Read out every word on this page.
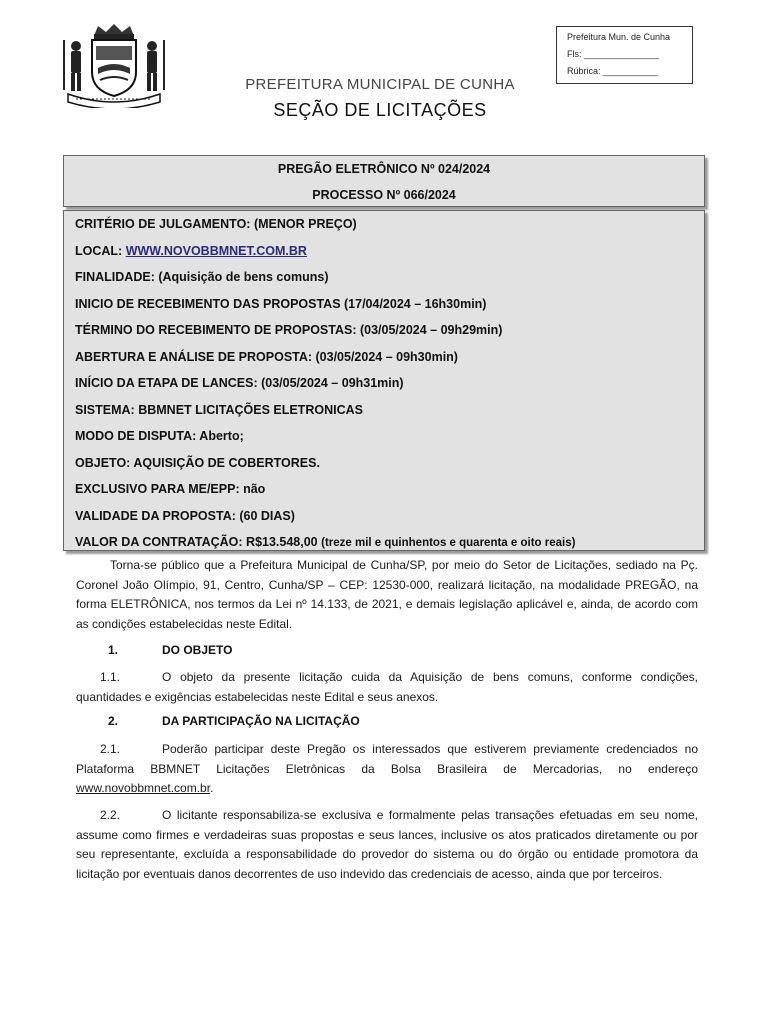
Prefeitura Mun. de Cunha
Fls: _______________
Rúbrica: ___________
PREFEITURA MUNICIPAL DE CUNHA
SEÇÃO DE LICITAÇÕES
PREGÃO ELETRÔNICO Nº 024/2024
PROCESSO Nº 066/2024
CRITÉRIO DE JULGAMENTO: (MENOR PREÇO)
LOCAL: WWW.NOVOBBMNET.COM.BR
FINALIDADE: (Aquisição de bens comuns)
INICIO DE RECEBIMENTO DAS PROPOSTAS (17/04/2024 – 16h30min)
TÉRMINO DO RECEBIMENTO DE PROPOSTAS: (03/05/2024 – 09h29min)
ABERTURA E ANÁLISE DE PROPOSTA: (03/05/2024 – 09h30min)
INÍCIO DA ETAPA DE LANCES: (03/05/2024 – 09h31min)
SISTEMA: BBMNET LICITAÇÕES ELETRONICAS
MODO DE DISPUTA: Aberto;
OBJETO: AQUISIÇÃO DE COBERTORES.
EXCLUSIVO PARA ME/EPP: não
VALIDADE DA PROPOSTA: (60 DIAS)
VALOR DA CONTRATAÇÃO: R$13.548,00 (treze mil e quinhentos e quarenta e oito reais)
Torna-se público que a Prefeitura Municipal de Cunha/SP, por meio do Setor de Licitações, sediado na Pç. Coronel João Olímpio, 91, Centro, Cunha/SP – CEP: 12530-000, realizará licitação, na modalidade PREGÃO, na forma ELETRÔNICA, nos termos da Lei nº 14.133, de 2021, e demais legislação aplicável e, ainda, de acordo com as condições estabelecidas neste Edital.
1.	DO OBJETO
1.1.	O objeto da presente licitação cuida da Aquisição de bens comuns, conforme condições, quantidades e exigências estabelecidas neste Edital e seus anexos.
2.	DA PARTICIPAÇÃO NA LICITAÇÃO
2.1.	Poderão participar deste Pregão os interessados que estiverem previamente credenciados no Plataforma BBMNET Licitações Eletrônicas da Bolsa Brasileira de Mercadorias, no endereço www.novobbmnet.com.br.
2.2.	O licitante responsabiliza-se exclusiva e formalmente pelas transações efetuadas em seu nome, assume como firmes e verdadeiras suas propostas e seus lances, inclusive os atos praticados diretamente ou por seu representante, excluída a responsabilidade do provedor do sistema ou do órgão ou entidade promotora da licitação por eventuais danos decorrentes de uso indevido das credenciais de acesso, ainda que por terceiros.
